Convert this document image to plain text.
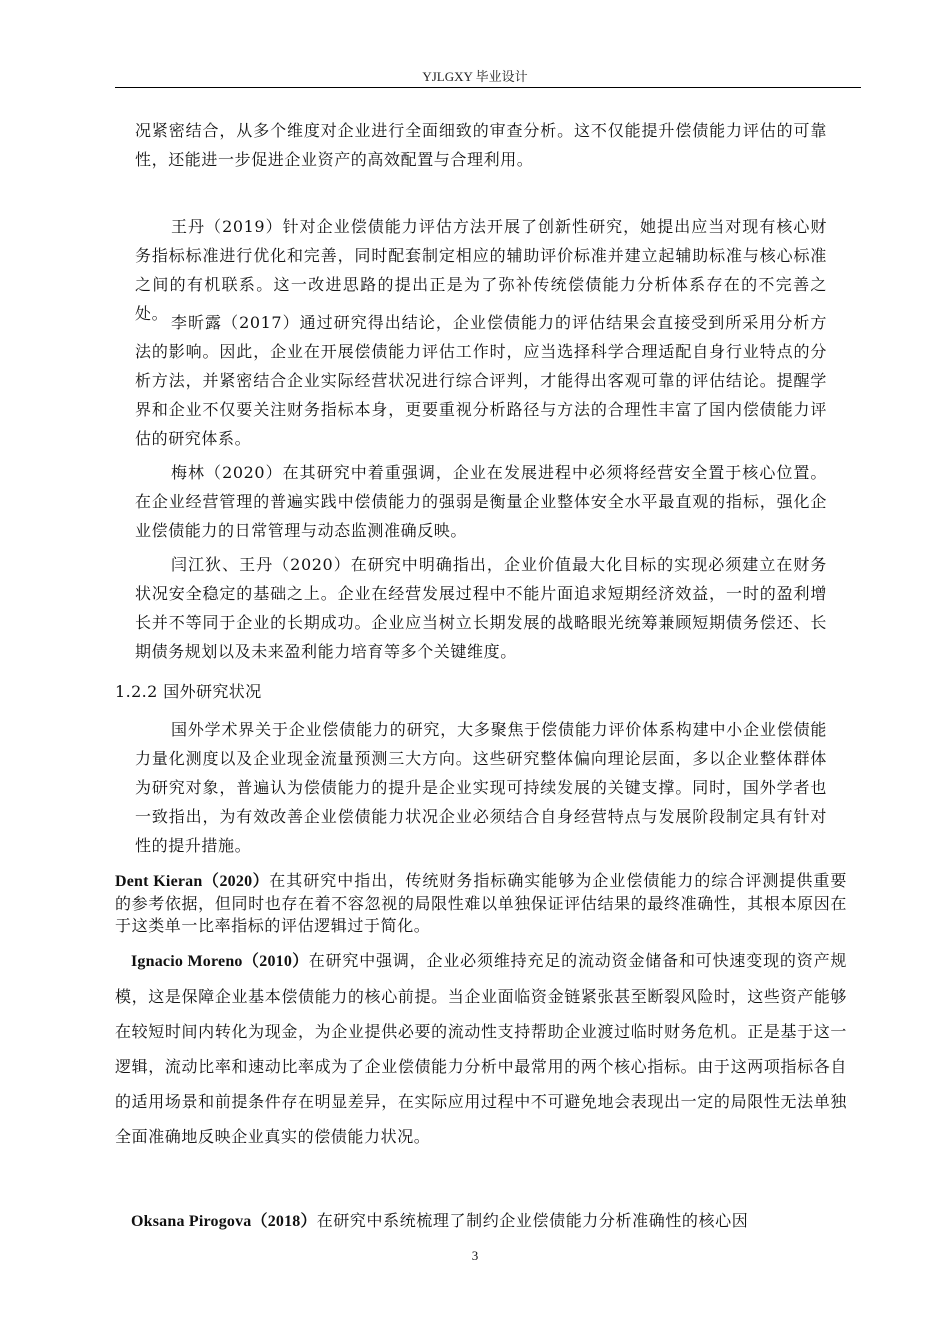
YJLGXY 毕业设计

况紧密结合，从多个维度对企业进行全面细致的审查分析。这不仅能提升偿债能力评估的可靠性，还能进一步促进企业资产的高效配置与合理利用。

王丹（2019）针对企业偿债能力评估方法开展了创新性研究，她提出应当对现有核心财务指标标准进行优化和完善，同时配套制定相应的辅助评价标准并建立起辅助标准与核心标准之间的有机联系。这一改进思路的提出正是为了弥补传统偿债能力分析体系存在的不完善之处。 李昕露（2017）通过研究得出结论，企业偿债能力的评估结果会直接受到所采用分析方法的影响。因此，企业在开展偿债能力评估工作时，应当选择科学合理适配自身行业特点的分析方法，并紧密结合企业实际经营状况进行综合评判，才能得出客观可靠的评估结论。提醒学界和企业不仅要关注财务指标本身，更要重视分析路径与方法的合理性丰富了国内偿债能力评估的研究体系。

梅林（2020）在其研究中着重强调，企业在发展进程中必须将经营安全置于核心位置。在企业经营管理的普遍实践中偿债能力的强弱是衡量企业整体安全水平最直观的指标，强化企业偿债能力的日常管理与动态监测准确反映。

闫江狄、王丹（2020）在研究中明确指出，企业价值最大化目标的实现必须建立在财务状况安全稳定的基础之上。企业在经营发展过程中不能片面追求短期经济效益，一时的盈利增长并不等同于企业的长期成功。企业应当树立长期发展的战略眼光统筹兼顾短期债务偿还、长期债务规划以及未来盈利能力培育等多个关键维度。

1.2.2 国外研究状况

国外学术界关于企业偿债能力的研究，大多聚焦于偿债能力评价体系构建中小企业偿债能力量化测度以及企业现金流量预测三大方向。这些研究整体偏向理论层面，多以企业整体群体为研究对象，普遍认为偿债能力的提升是企业实现可持续发展的关键支撑。同时，国外学者也一致指出，为有效改善企业偿债能力状况企业必须结合自身经营特点与发展阶段制定具有针对性的提升措施。

Dent Kieran（2020）在其研究中指出，传统财务指标确实能够为企业偿债能力的综合评测提供重要的参考依据，但同时也存在着不容忽视的局限性难以单独保证评估结果的最终准确性，其根本原因在于这类单一比率指标的评估逻辑过于简化。

Ignacio Moreno（2010）在研究中强调，企业必须维持充足的流动资金储备和可快速变现的资产规模，这是保障企业基本偿债能力的核心前提。当企业面临资金链紧张甚至断裂风险时，这些资产能够在较短时间内转化为现金，为企业提供必要的流动性支持帮助企业渡过临时财务危机。正是基于这一逻辑，流动比率和速动比率成为了企业偿债能力分析中最常用的两个核心指标。由于这两项指标各自的适用场景和前提条件存在明显差异，在实际应用过程中不可避免地会表现出一定的局限性无法单独全面准确地反映企业真实的偿债能力状况。

Oksana Pirogova（2018）在研究中系统梳理了制约企业偿债能力分析准确性的核心因

3
